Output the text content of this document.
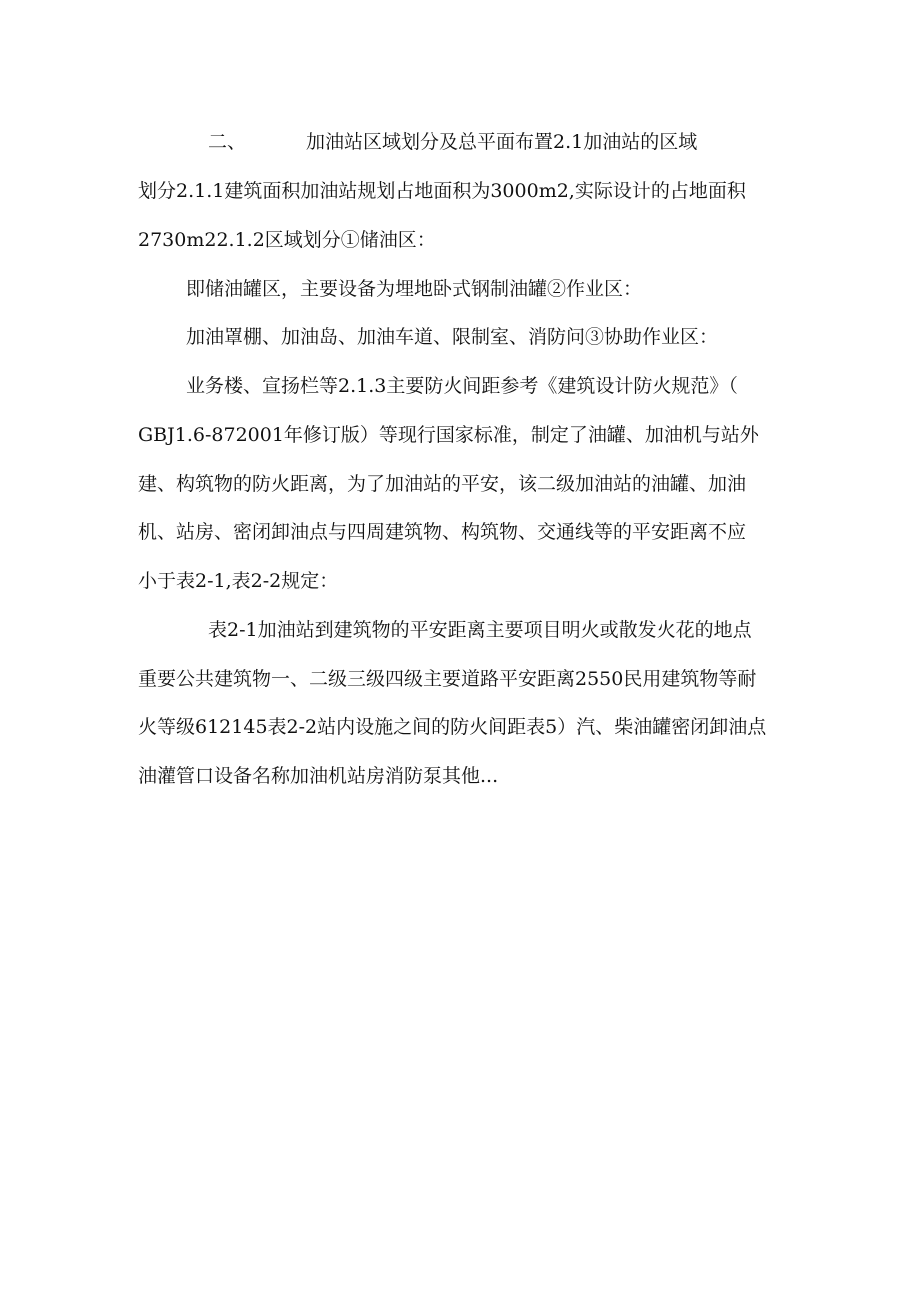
二、	加油站区域划分及总平面布置2.1加油站的区域
划分2.1.1建筑面积加油站规划占地面积为3000m2,实际设计的占地面积
2730m22.1.2区域划分①储油区：
即储油罐区，主要设备为埋地卧式钢制油罐②作业区：
加油罩棚、加油岛、加油车道、限制室、消防问③协助作业区：
业务楼、宣扬栏等2.1.3主要防火间距参考《建筑设计防火规范》（
GBJ1.6-872001年修订版）等现行国家标准，制定了油罐、加油机与站外
建、构筑物的防火距离，为了加油站的平安，该二级加油站的油罐、加油
机、站房、密闭卸油点与四周建筑物、构筑物、交通线等的平安距离不应
小于表2-1,表2-2规定：
表2-1加油站到建筑物的平安距离主要项目明火或散发火花的地点
重要公共建筑物一、二级三级四级主要道路平安距离2550民用建筑物等耐
火等级612145表2-2站内设施之间的防火间距表5）汽、柴油罐密闭卸油点
油灌管口设备名称加油机站房消防泵其他...
